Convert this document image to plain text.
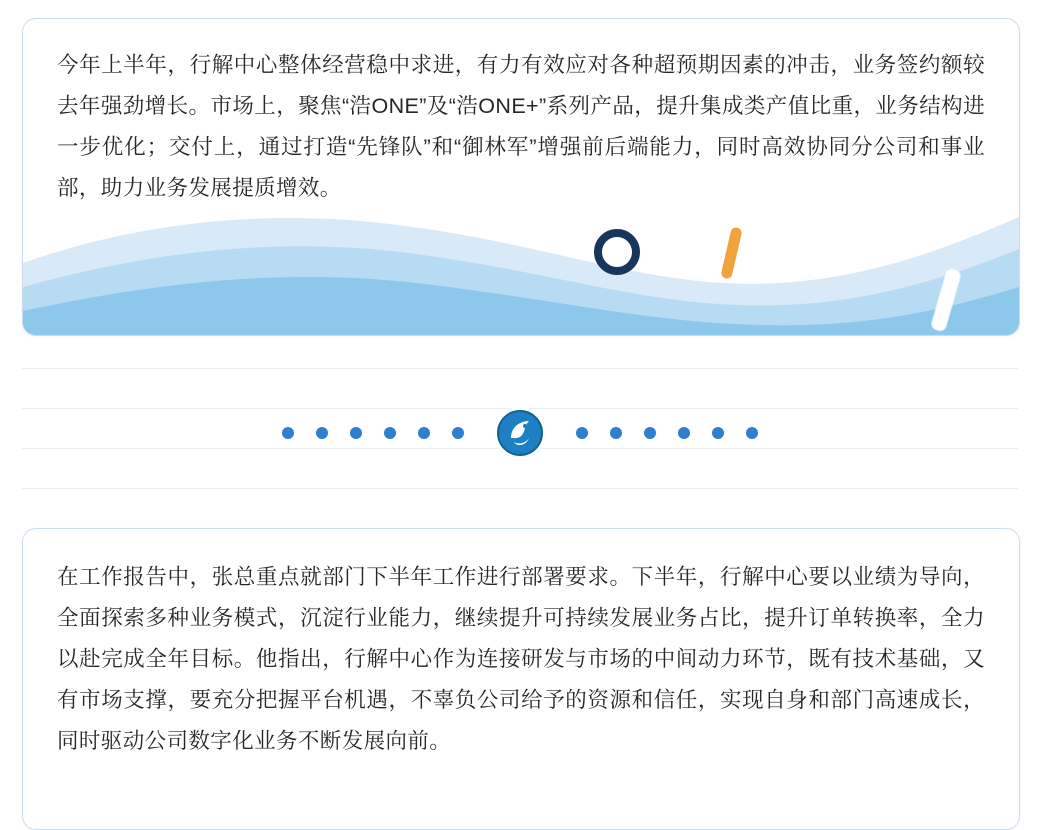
今年上半年，行解中心整体经营稳中求进，有力有效应对各种超预期因素的冲击，业务签约额较去年强劲增长。市场上，聚焦“浩ONE”及“浩ONE+”系列产品，提升集成类产值比重，业务结构进一步优化；交付上，通过打造“先锋队”和“御林军”增强前后端能力，同时高效协同分公司和事业部，助力业务发展提质增效。
在工作报告中，张总重点就部门下半年工作进行部署要求。下半年，行解中心要以业绩为导向，全面探索多种业务模式，沉淀行业能力，继续提升可持续发展业务占比，提升订单转换率，全力以赴完成全年目标。他指出，行解中心作为连接研发与市场的中间动力环节，既有技术基础，又有市场支撑，要充分把握平台机遇，不辜负公司给予的资源和信任，实现自身和部门高速成长，同时驱动公司数字化业务不断发展向前。
